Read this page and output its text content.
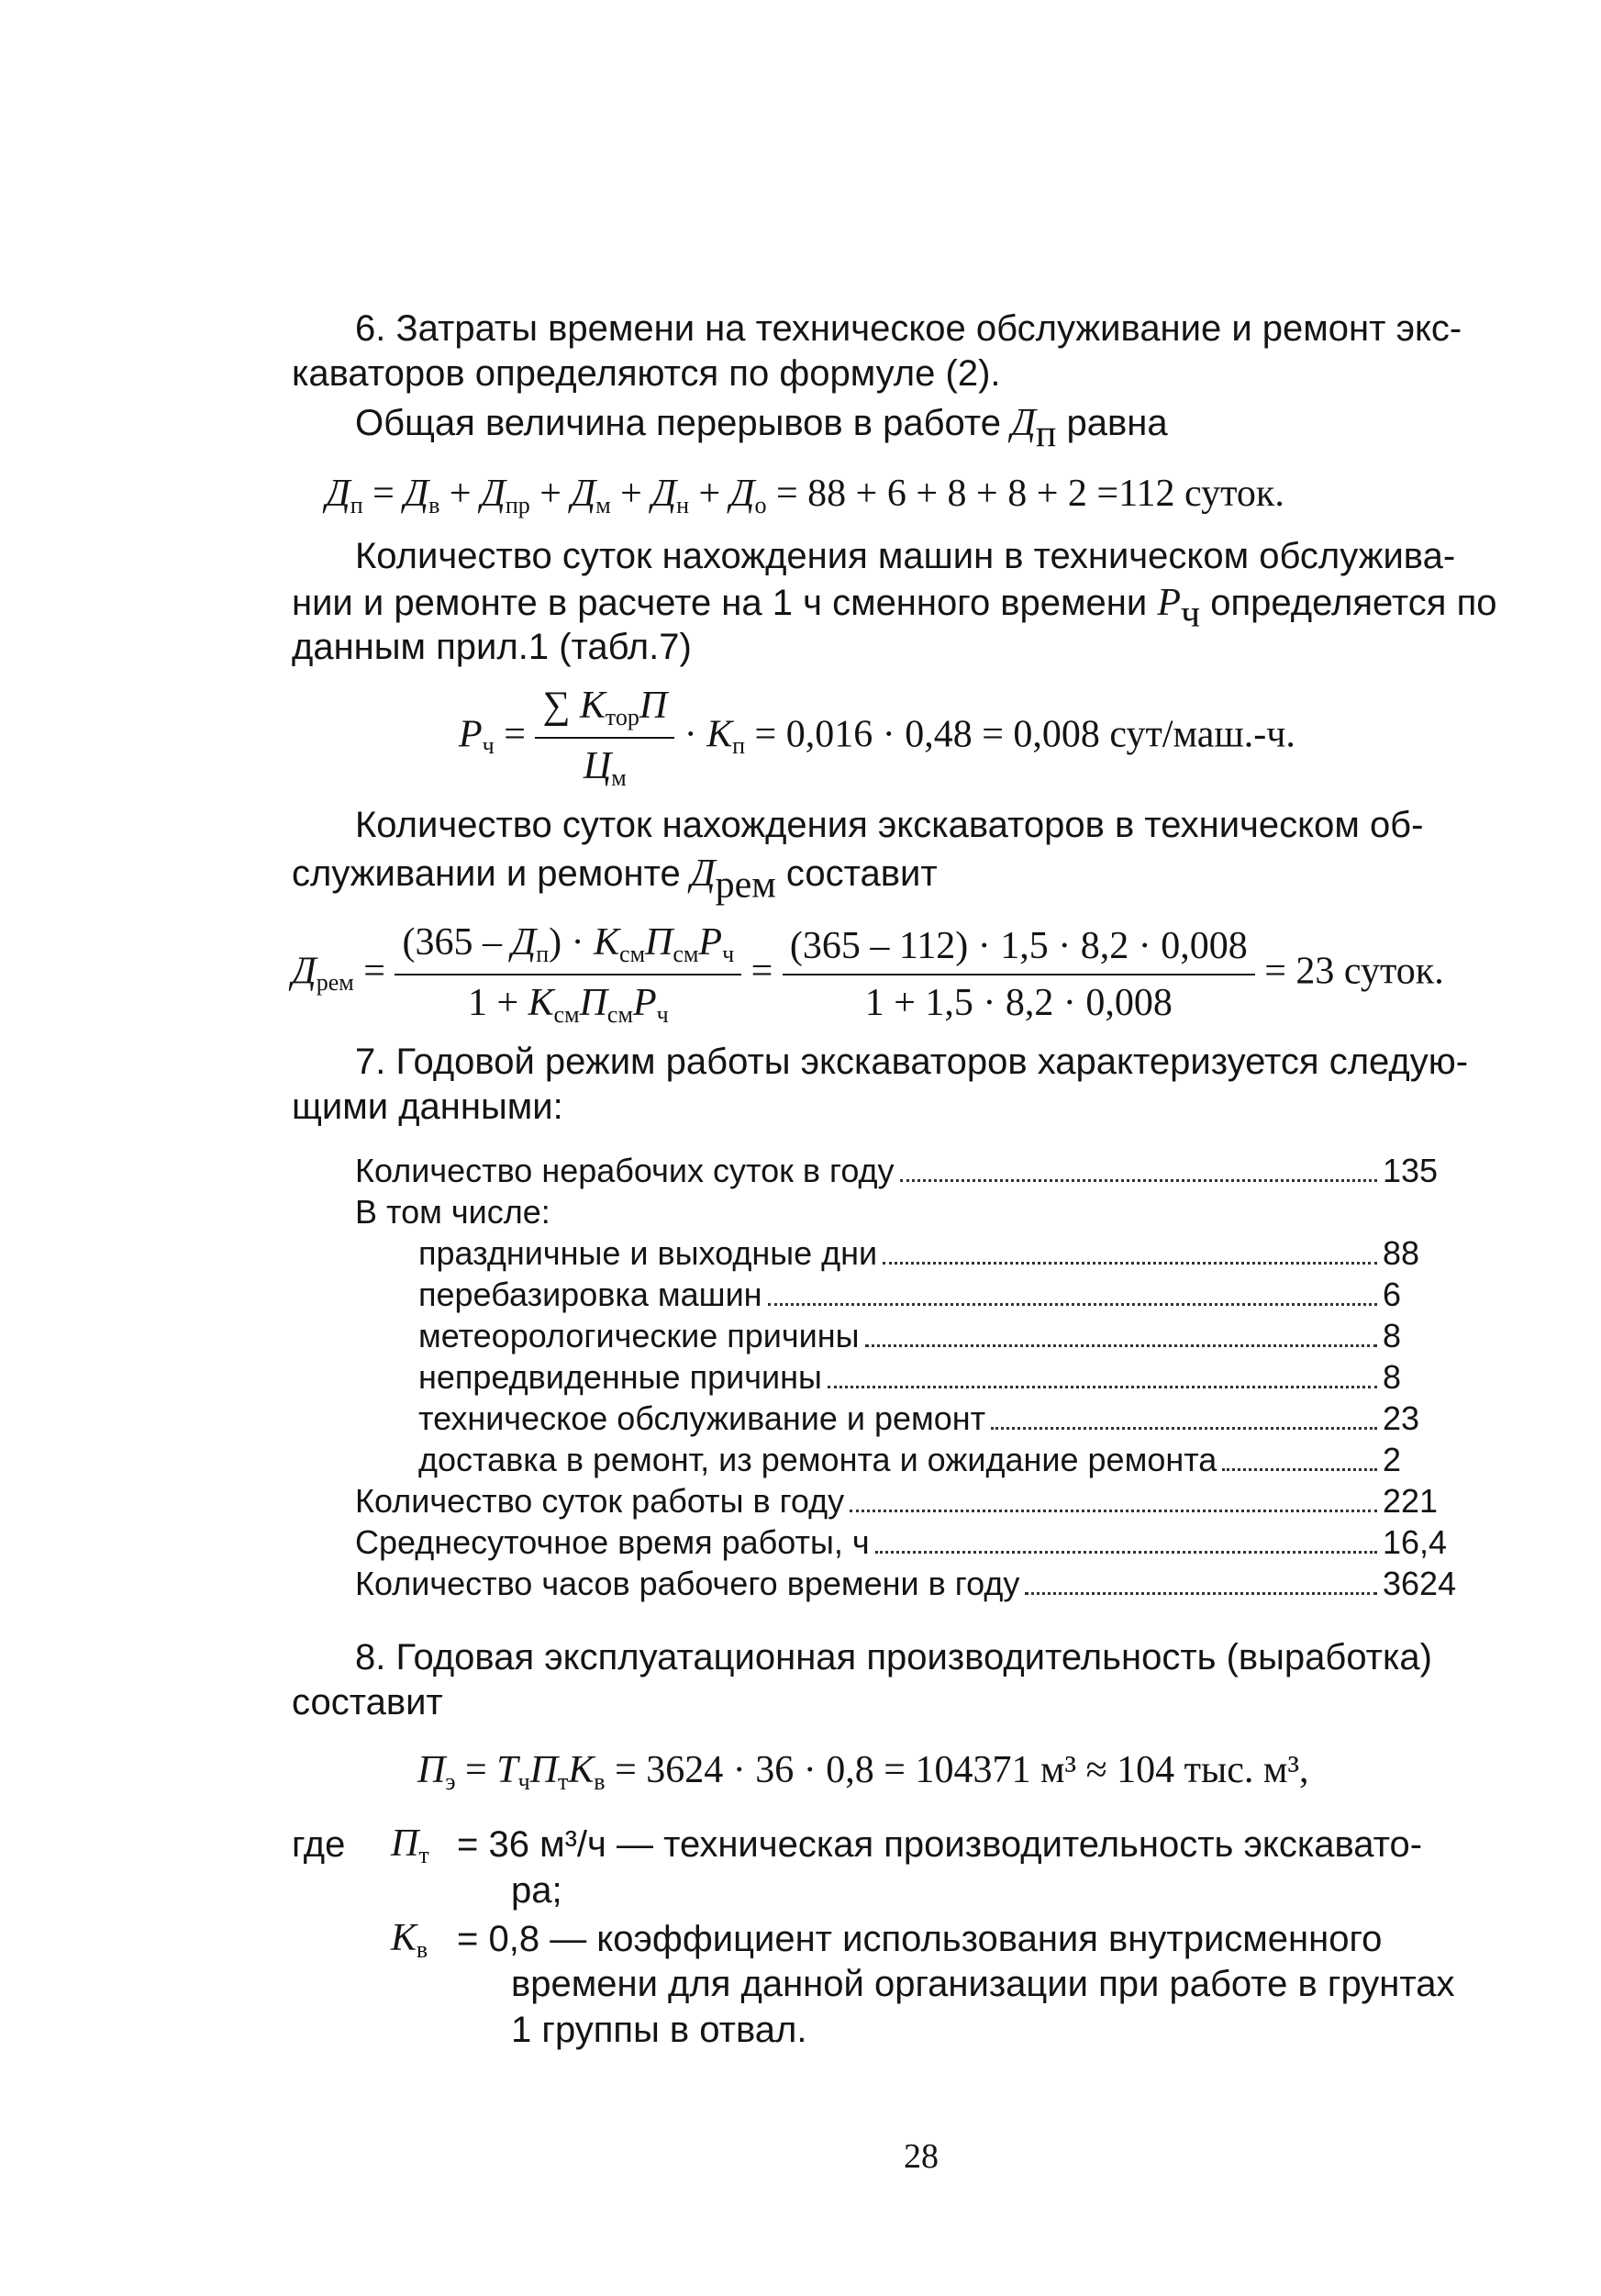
6. Затраты времени на техническое обслуживание и ремонт экс-
каваторов определяются по формуле (2).
Общая величина перерывов в работе $Д_п$ равна
$Д_п = Д_в + Д_{пр} + Д_м + Д_н + Д_о = 88 + 6 + 8 + 8 + 2 =112$ суток.
Количество суток нахождения машин в техническом обслужива-
нии и ремонте в расчете на 1 ч сменного времени $Р_ч$ определяется по
данным прил.1 (табл.7)
$Р_ч = \frac{\sum К_{тор}П}{Ц_м} \cdot К_п = 0,016 \cdot 0,48 = 0,008$ сут/маш.-ч.
Количество суток нахождения экскаваторов в техническом об-
служивании и ремонте $Д_{рем}$ составит
$Д_{рем} = \frac{(365 - Д_п) \cdot К_{см}П_{см}Р_ч}{1 + К_{см}П_{см}Р_ч} = \frac{(365 - 112) \cdot 1,5 \cdot 8,2 \cdot 0,008}{1 + 1,5 \cdot 8,2 \cdot 0,008} = 23$ суток.
7. Годовой режим работы экскаваторов характеризуется следую-
щими данными:
Количество нерабочих суток в году	135
В том числе:
праздничные и выходные дни	88
перебазировка машин	6
метеорологические причины	8
непредвиденные причины	8
техническое обслуживание и ремонт	23
доставка в ремонт, из ремонта и ожидание ремонта	2
Количество суток работы в году	221
Среднесуточное время работы, ч	16,4
Количество часов рабочего времени в году	3624
8. Годовая эксплуатационная производительность (выработка)
составит
$П_э = Т_чП_тК_в = 3624 \cdot 36 \cdot 0,8 = 104371$ м³ ≈ 104 тыс. м³,
где $П_т = 36$ м³/ч — техническая производительность экскавато-
ра;
$К_в = 0,8$ — коэффициент использования внутрисменного
времени для данной организации при работе в грунтах
1 группы в отвал.
28
